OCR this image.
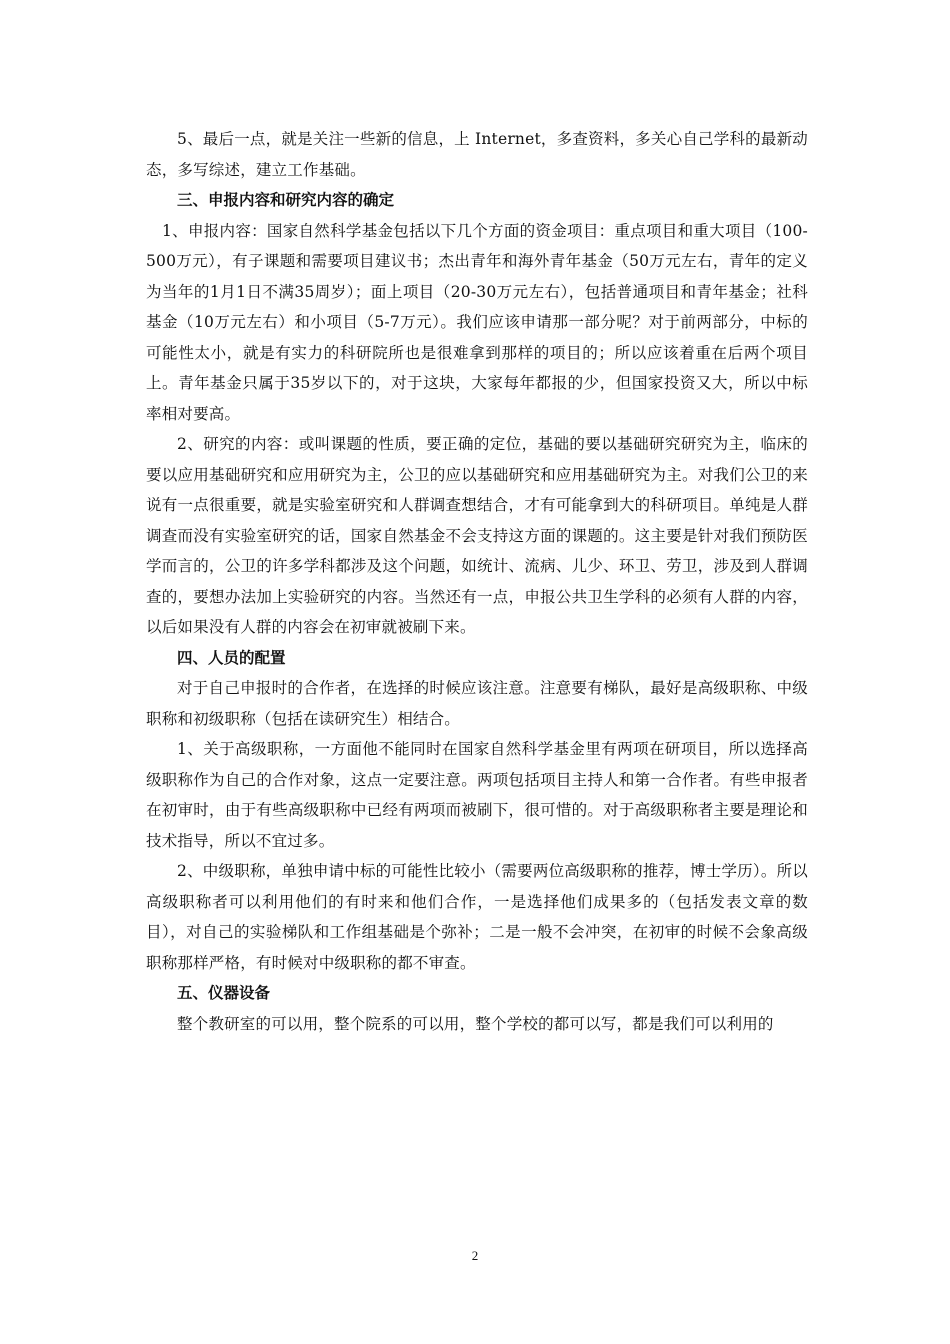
5、最后一点，就是关注一些新的信息，上 Internet，多查资料，多关心自己学科的最新动态，多写综述，建立工作基础。

三、申报内容和研究内容的确定

1、申报内容：国家自然科学基金包括以下几个方面的资金项目：重点项目和重大项目（100-500万元），有子课题和需要项目建议书；杰出青年和海外青年基金（50万元左右，青年的定义为当年的1月1日不满35周岁）；面上项目（20-30万元左右），包括普通项目和青年基金；社科基金（10万元左右）和小项目（5-7万元）。我们应该申请那一部分呢？对于前两部分，中标的可能性太小，就是有实力的科研院所也是很难拿到那样的项目的；所以应该着重在后两个项目上。青年基金只属于35岁以下的，对于这块，大家每年都报的少，但国家投资又大，所以中标率相对要高。

2、研究的内容：或叫课题的性质，要正确的定位，基础的要以基础研究研究为主，临床的要以应用基础研究和应用研究为主，公卫的应以基础研究和应用基础研究为主。对我们公卫的来说有一点很重要，就是实验室研究和人群调查想结合，才有可能拿到大的科研项目。单纯是人群调查而没有实验室研究的话，国家自然基金不会支持这方面的课题的。这主要是针对我们预防医学而言的，公卫的许多学科都涉及这个问题，如统计、流病、儿少、环卫、劳卫，涉及到人群调查的，要想办法加上实验研究的内容。当然还有一点，申报公共卫生学科的必须有人群的内容，以后如果没有人群的内容会在初审就被刷下来。

四、人员的配置

对于自己申报时的合作者，在选择的时候应该注意。注意要有梯队，最好是高级职称、中级职称和初级职称（包括在读研究生）相结合。

1、关于高级职称，一方面他不能同时在国家自然科学基金里有两项在研项目，所以选择高级职称作为自己的合作对象，这点一定要注意。两项包括项目主持人和第一合作者。有些申报者在初审时，由于有些高级职称中已经有两项而被刷下，很可惜的。对于高级职称者主要是理论和技术指导，所以不宜过多。

2、中级职称，单独申请中标的可能性比较小（需要两位高级职称的推荐，博士学历）。所以高级职称者可以利用他们的有时来和他们合作，一是选择他们成果多的（包括发表文章的数目），对自己的实验梯队和工作组基础是个弥补；二是一般不会冲突，在初审的时候不会象高级职称那样严格，有时候对中级职称的都不审查。

五、仪器设备

整个教研室的可以用，整个院系的可以用，整个学校的都可以写，都是我们可以利用的

2
